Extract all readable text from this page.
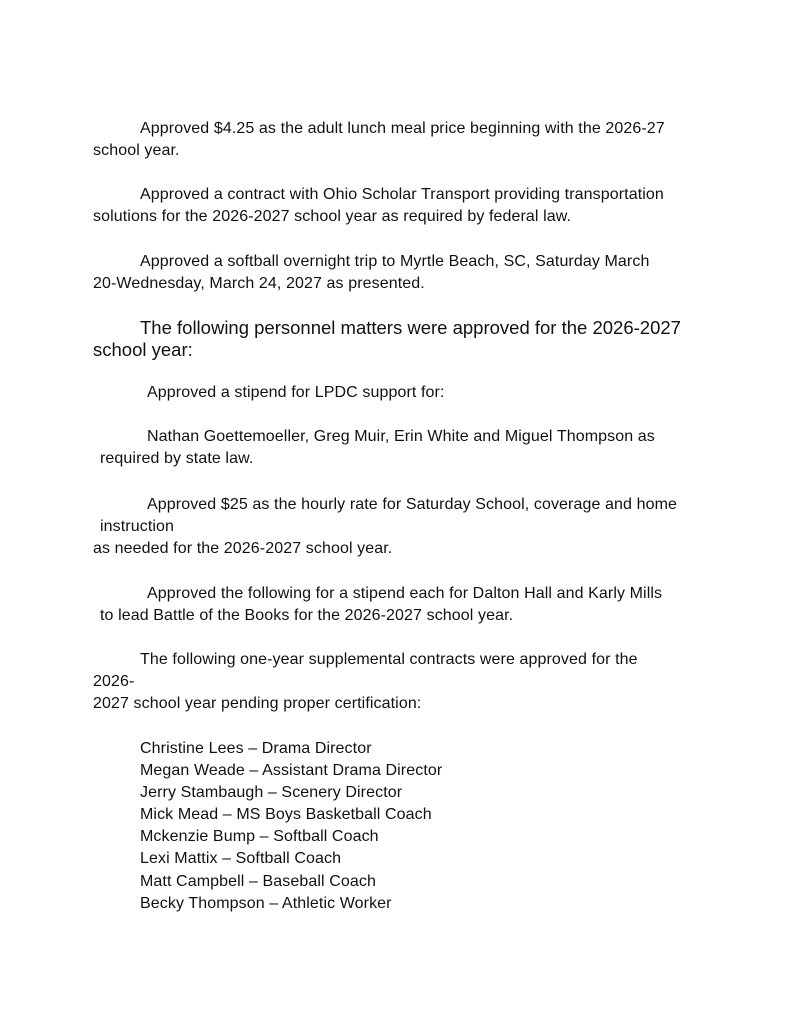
Approved $4.25 as the adult lunch meal price beginning with the 2026-27
school year.
Approved a contract with Ohio Scholar Transport providing transportation
solutions for the 2026-2027 school year as required by federal law.
Approved a softball overnight trip to Myrtle Beach, SC, Saturday March
20-Wednesday, March 24, 2027 as presented.
The following personnel matters were approved for the 2026-2027
school year:
Approved a stipend for LPDC support for:
Nathan Goettemoeller, Greg Muir, Erin White and Miguel Thompson as
required by state law.
Approved $25 as the hourly rate for Saturday School, coverage and home
instruction
as needed for the 2026-2027 school year.
Approved the following for a stipend each for Dalton Hall and Karly Mills
to lead Battle of the Books for the 2026-2027 school year.
The following one-year supplemental contracts were approved for the
2026-
2027 school year pending proper certification:
Christine Lees – Drama Director
Megan Weade – Assistant Drama Director
Jerry Stambaugh – Scenery Director
Mick Mead – MS Boys Basketball Coach
Mckenzie Bump – Softball Coach
Lexi Mattix – Softball Coach
Matt Campbell – Baseball Coach
Becky Thompson – Athletic Worker
